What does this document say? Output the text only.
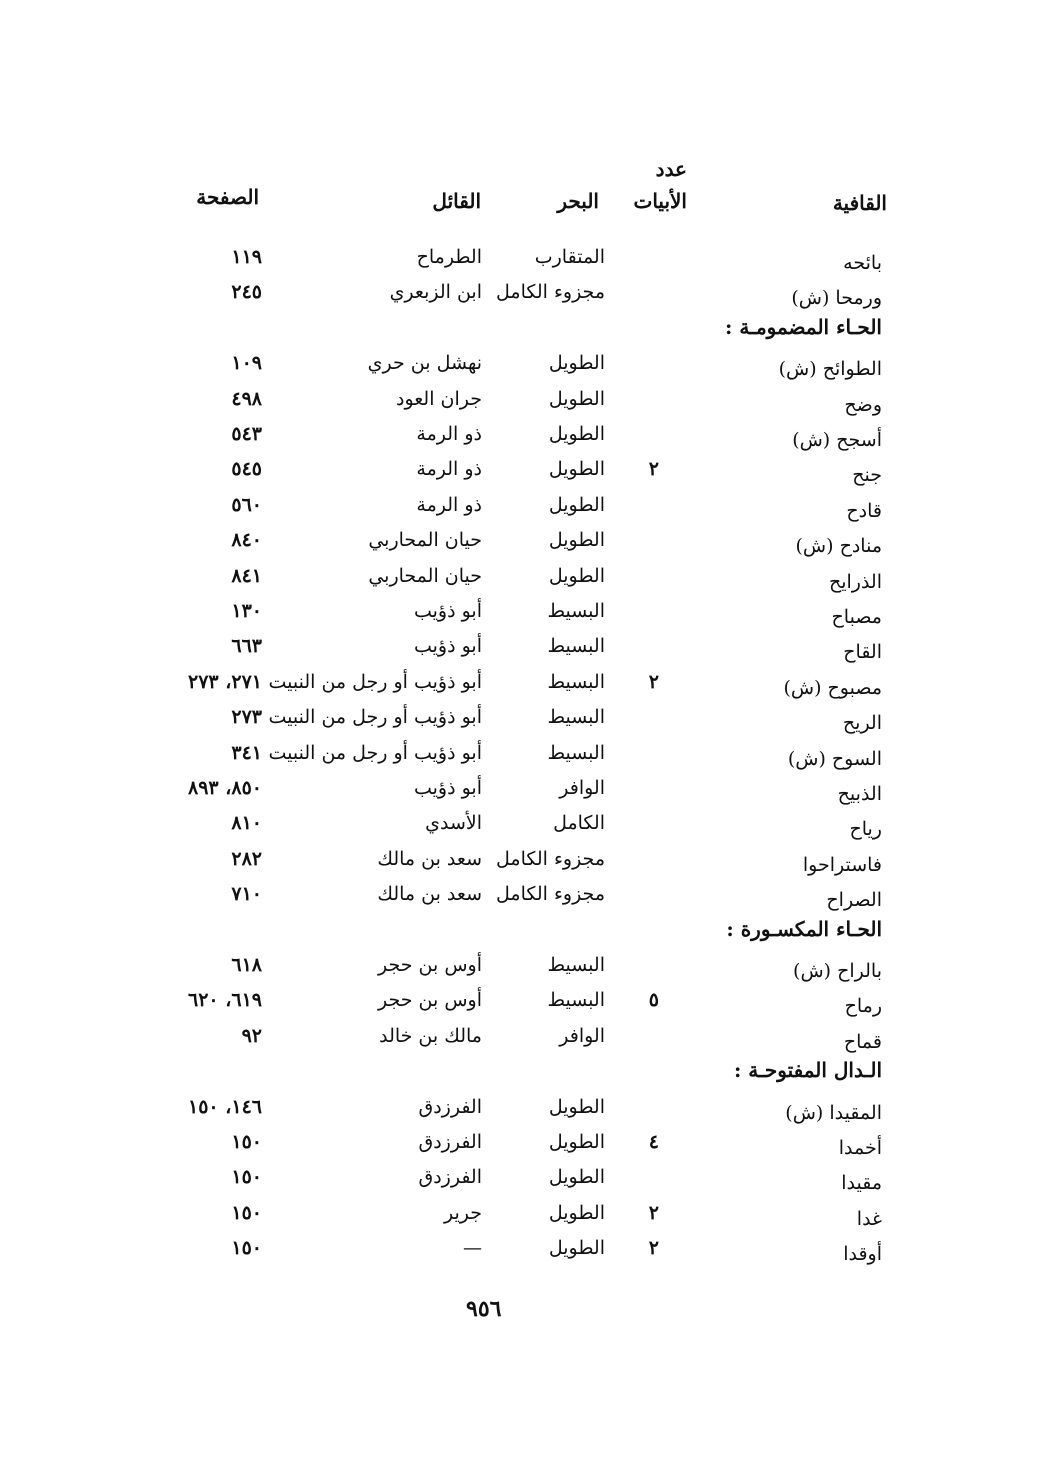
عدد
القافية
الأبيات
البحر
القائل
الصفحة
بائحه
المتقارب
الطرماح
١١٩
ورمحا (ش)
مجزوء الكامل
ابن الزبعري
٢٤٥
الحـاء المضمومـة :
الطوائح (ش)
الطويل
نهشل بن حري
١٠٩
وضح
الطويل
جران العود
٤٩٨
أسجح (ش)
الطويل
ذو الرمة
٥٤٣
جنح
٢
الطويل
ذو الرمة
٥٤٥
قادح
الطويل
ذو الرمة
٥٦٠
منادح (ش)
الطويل
حيان المحاربي
٨٤٠
الذرايح
الطويل
حيان المحاربي
٨٤١
مصباح
البسيط
أبو ذؤيب
١٣٠
القاح
البسيط
أبو ذؤيب
٦٦٣
مصبوح (ش)
٢
البسيط
أبو ذؤيب أو رجل من النبيت
٢٧١، ٢٧٣
الريح
البسيط
أبو ذؤيب أو رجل من النبيت
٢٧٣
السوح (ش)
البسيط
أبو ذؤيب أو رجل من النبيت
٣٤١
الذبيح
الوافر
أبو ذؤيب
٨٥٠، ٨٩٣
رياح
الكامل
الأسدي
٨١٠
فاستراحوا
مجزوء الكامل
سعد بن مالك
٢٨٢
الصراح
مجزوء الكامل
سعد بن مالك
٧١٠
الحـاء المكسـورة :
بالراح (ش)
البسيط
أوس بن حجر
٦١٨
رماح
٥
البسيط
أوس بن حجر
٦١٩، ٦٢٠
قماح
الوافر
مالك بن خالد
٩٢
الـدال المفتوحـة :
المقيدا (ش)
الطويل
الفرزدق
١٤٦، ١٥٠
أخمدا
٤
الطويل
الفرزدق
١٥٠
مقيدا
الطويل
الفرزدق
١٥٠
غدا
٢
الطويل
جرير
١٥٠
أوقدا
٢
الطويل
—
١٥٠
٩٥٦
